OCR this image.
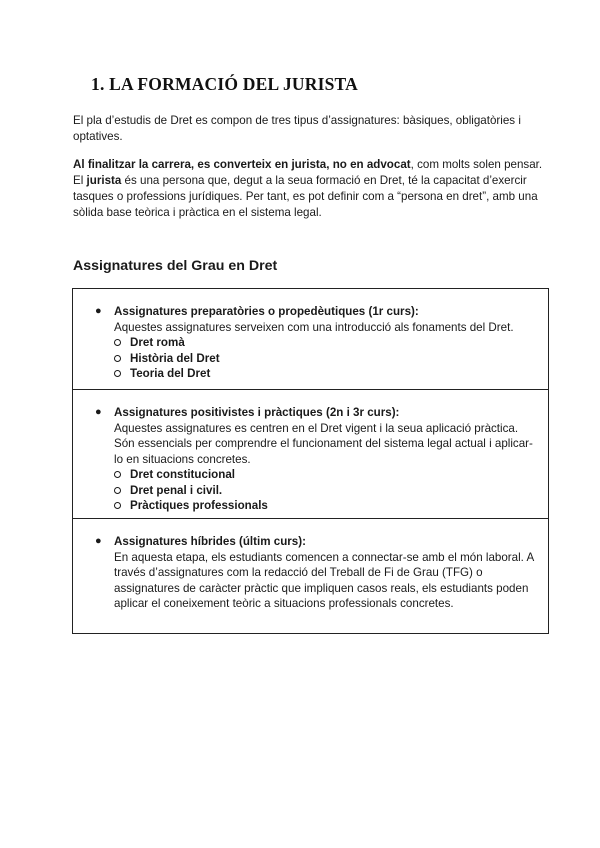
1. LA FORMACIÓ DEL JURISTA

El pla d’estudis de Dret es compon de tres tipus d’assignatures: bàsiques, obligatòries i optatives.

Al finalitzar la carrera, es converteix en jurista, no en advocat, com molts solen pensar. El jurista és una persona que, degut a la seua formació en Dret, té la capacitat d’exercir tasques o professions jurídiques. Per tant, es pot definir com a “persona en dret”, amb una sòlida base teòrica i pràctica en el sistema legal.

Assignatures del Grau en Dret
● Assignatures preparatòries o propedèutiques (1r curs):
Aquestes assignatures serveixen com una introducció als fonaments del Dret.
Dret romà
Història del Dret
Teoria del Dret
● Assignatures positivistes i pràctiques (2n i 3r curs):
Aquestes assignatures es centren en el Dret vigent i la seua aplicació pràctica. Són essencials per comprendre el funcionament del sistema legal actual i aplicar-lo en situacions concretes.
Dret constitucional
Dret penal i civil.
Pràctiques professionals
● Assignatures híbrides (últim curs):
En aquesta etapa, els estudiants comencen a connectar-se amb el món laboral. A través d’assignatures com la redacció del Treball de Fi de Grau (TFG) o assignatures de caràcter pràctic que impliquen casos reals, els estudiants poden aplicar el coneixement teòric a situacions professionals concretes.
